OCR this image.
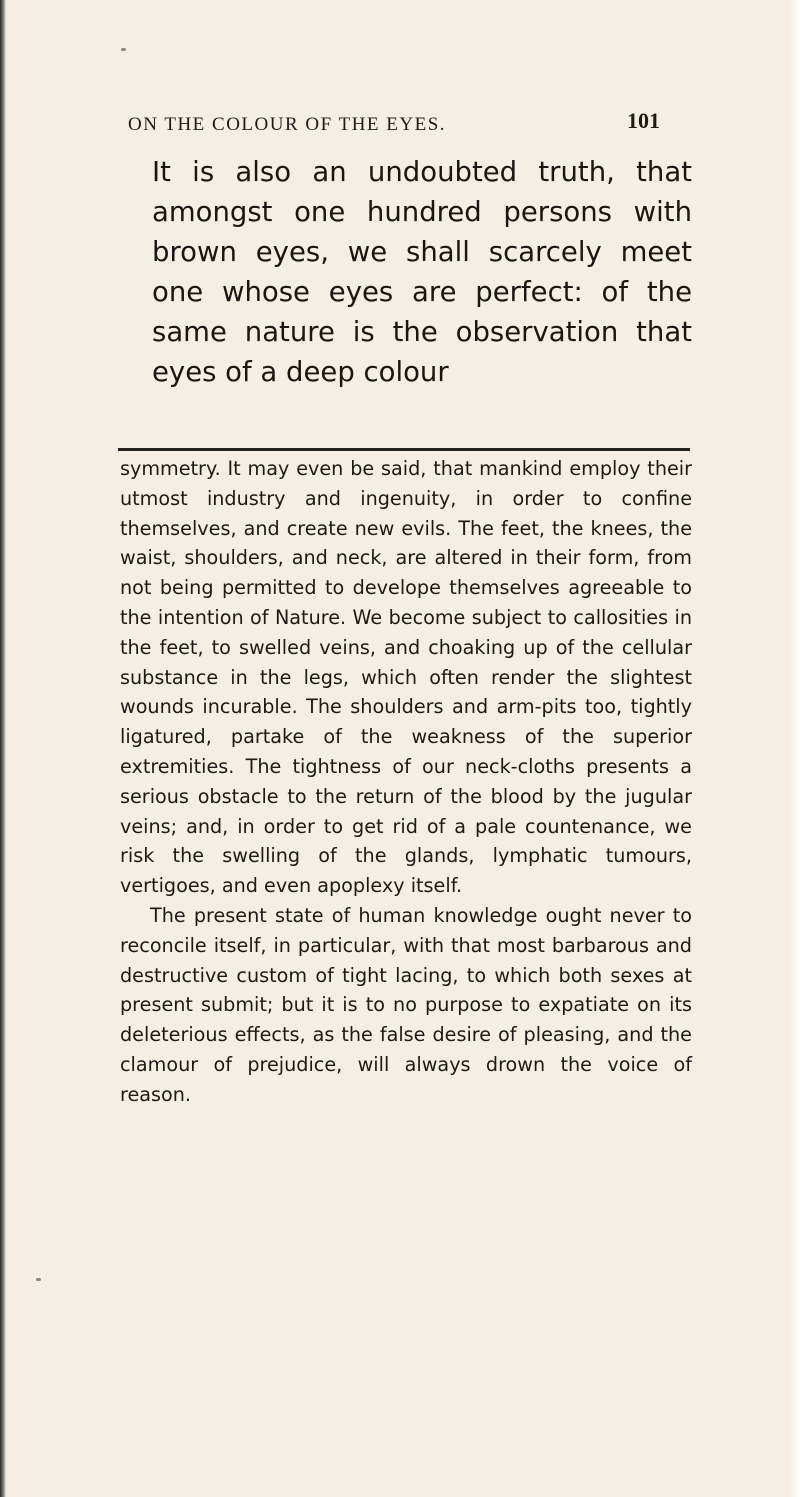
ON THE COLOUR OF THE EYES.	101
It is also an undoubted truth, that amongst one hundred persons with brown eyes, we shall scarcely meet one whose eyes are perfect: of the same nature is the observation that eyes of a deep colour

symmetry. It may even be said, that mankind employ their utmost industry and ingenuity, in order to confine themselves, and create new evils. The feet, the knees, the waist, shoulders, and neck, are altered in their form, from not being permitted to develope themselves agreeable to the intention of Nature. We become subject to callosities in the feet, to swelled veins, and choaking up of the cellular substance in the legs, which often render the slightest wounds incurable. The shoulders and arm-pits too, tightly ligatured, partake of the weakness of the superior extremities. The tightness of our neck-cloths presents a serious obstacle to the return of the blood by the jugular veins; and, in order to get rid of a pale countenance, we risk the swelling of the glands, lymphatic tumours, vertigoes, and even apoplexy itself.

The present state of human knowledge ought never to reconcile itself, in particular, with that most barbarous and destructive custom of tight lacing, to which both sexes at present submit; but it is to no purpose to expatiate on its deleterious effects, as the false desire of pleasing, and the clamour of prejudice, will always drown the voice of reason.
